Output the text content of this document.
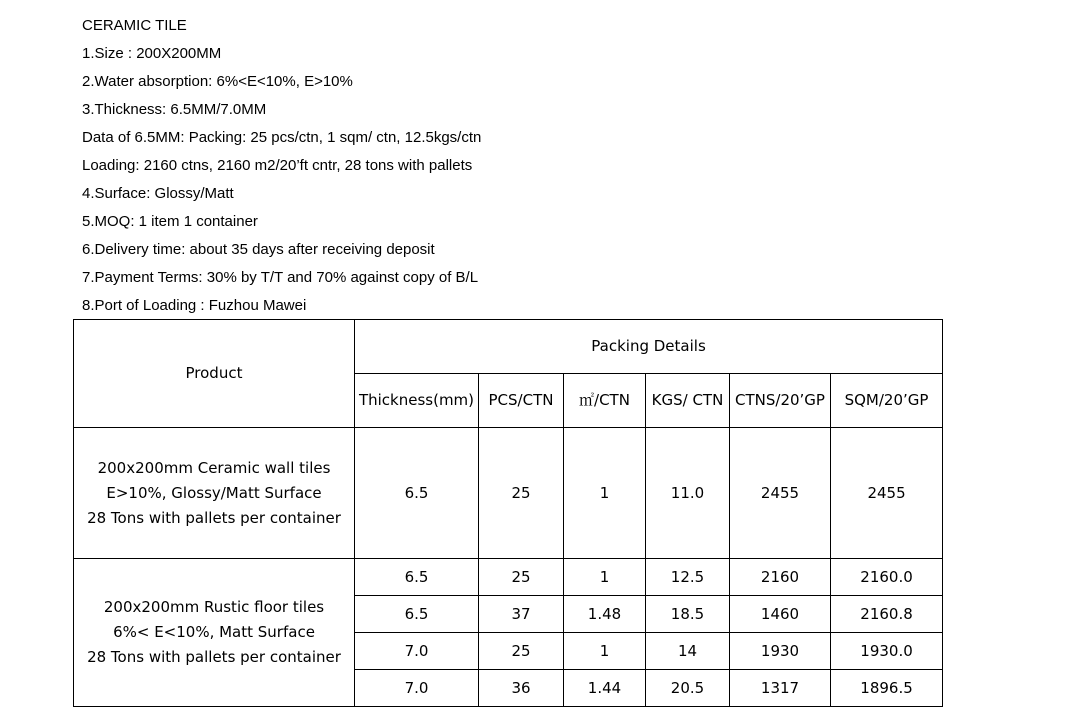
CERAMIC TILE
1.Size : 200X200MM
2.Water absorption: 6%<E<10%, E>10%
3.Thickness: 6.5MM/7.0MM
Data of 6.5MM: Packing: 25 pcs/ctn, 1 sqm/ ctn, 12.5kgs/ctn
Loading: 2160 ctns, 2160 m2/20’ft cntr, 28 tons with pallets
4.Surface: Glossy/Matt
5.MOQ: 1 item 1 container
6.Delivery time: about 35 days after receiving deposit
7.Payment Terms: 30% by T/T and 70% against copy of B/L
8.Port of Loading : Fuzhou Mawei
Product	Packing Details					
	Thickness(mm)	PCS/CTN	㎡/CTN	KGS/ CTN	CTNS/20’GP	SQM/20’GP

200x200mm Ceramic wall tiles
E>10%, Glossy/Matt Surface
28 Tons with pallets per container	6.5	25	1	11.0	2455	2455

200x200mm Rustic floor tiles
6%< E<10%, Matt Surface
28 Tons with pallets per container	6.5	25	1	12.5	2160	2160.0
	6.5	37	1.48	18.5	1460	2160.8
	7.0	25	1	14	1930	1930.0
	7.0	36	1.44	20.5	1317	1896.5
